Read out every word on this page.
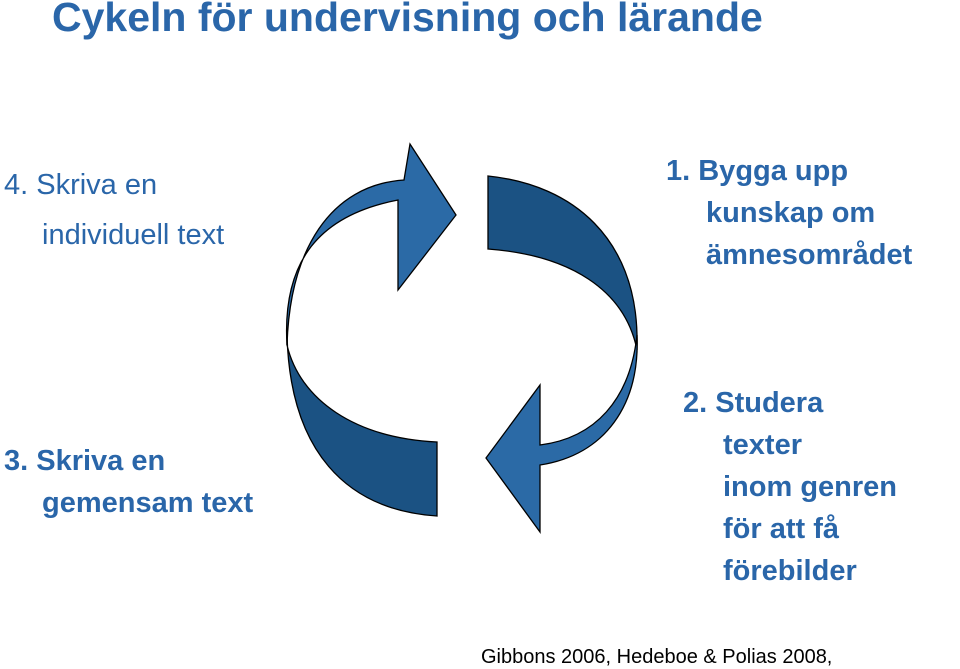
Cykeln för undervisning och lärande
4. Skriva en
individuell text
1. Bygga upp
kunskap om
ämnesområdet
3. Skriva en
gemensam text
2. Studera
texter
inom genren
för att få
förebilder

Gibbons 2006, Hedeboe & Polias 2008,
